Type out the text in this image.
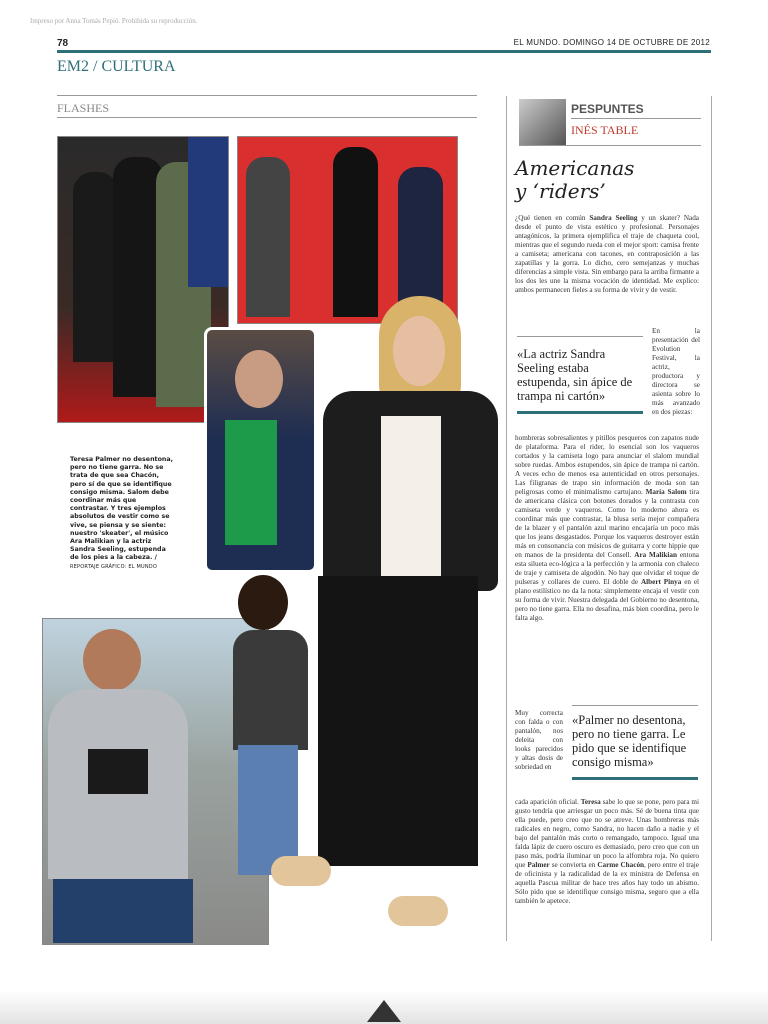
Impreso por Anna Tomás Pepió. Prohibida su reproducción.
78	EL MUNDO. DOMINGO 14 DE OCTUBRE DE 2012
EM2 / CULTURA
FLASHES
Teresa Palmer no desentona, pero no tiene garra. No se trata de que sea Chacón, pero sí de que se identifique consigo misma. Salom debe coordinar más que contrastar. Y tres ejemplos absolutos de vestir como se vive, se piensa y se siente: nuestro 'skeater', el músico Ara Malikian y la actriz Sandra Seeling, estupenda de los pies a la cabeza. / REPORTAJE GRÁFICO: EL MUNDO
PESPUNTES
INÉS TABLE
Americanas
y ‘riders’
¿Qué tienen en común Sandra Seeling y un skater? Nada desde el punto de vista estético y profesional. Personajes antagónicos, la primera ejemplifica el traje de chaqueta cool, mientras que el segundo rueda con el mejor sport: camisa frente a camiseta; americana con tacones, en contraposición a las zapatillas y la gorra. Lo dicho, cero semejanzas y muchas diferencias a simple vista. Sin embargo para la arriba firmante a los dos les une la misma vocación de identidad. Me explico: ambos permanecen fieles a su forma de vivir y de vestir.
«La actriz Sandra Seeling estaba estupenda, sin ápice de trampa ni cartón»
En la presentación del Evolution Festival, la actriz, productora y directora se asienta sobre lo más avanzado en dos piezas:
hombreras sobresalientes y pitillos pesqueros con zapatos nude de plataforma. Para el rider, lo esencial son los vaqueros cortados y la camiseta logo para anunciar el slalom mundial sobre ruedas. Ambos estupendos, sin ápice de trampa ni cartón. A veces echo de menos esa autenticidad en otros personajes. Las filigranas de trapo sin información de moda son tan peligrosas como el minimalismo cartujano. María Salom tira de americana clásica con botones dorados y la contrasta con camiseta verde y vaqueros. Como lo moderno ahora es coordinar más que contrastar, la blusa sería mejor compañera de la blazer y el pantalón azul marino encajaría un poco más que los jeans desgastados. Porque los vaqueros destroyer están más en consonancia con músicos de guitarra y corte hippie que en manos de la presidenta del Consell. Ara Malikian entona esta silueta eco-lógica a la perfección y la armonía con chaleco de traje y camiseta de algodón. No hay que olvidar el toque de pulseras y collares de cuero. El doble de Albert Pinya en el plano estilístico no da la nota: simplemente encaja el vestir con su forma de vivir. Nuestra delegada del Gobierno no desentona, pero no tiene garra. Ella no desafina, más bien coordina, pero le falta algo.
Muy correcta con falda o con pantalón, nos deleita con looks parecidos y altas dosis de sobriedad en
«Palmer no desentona, pero no tiene garra. Le pido que se identifique consigo misma»
cada aparición oficial. Teresa sabe lo que se pone, pero para mi gusto tendría que arriesgar un poco más. Sé de buena tinta que ella puede, pero creo que no se atreve. Unas hombreras más radicales en negro, como Sandra, no hacen daño a nadie y el bajo del pantalón más corto o remangado, tampoco. Igual una falda lápiz de cuero oscuro es demasiado, pero creo que con un paso más, podría iluminar un poco la alfombra roja. No quiero que Palmer se convierta en Carme Chacón, pero entre el traje de oficinista y la radicalidad de la ex ministra de Defensa en aquella Pascua militar de hace tres años hay todo un abismo. Sólo pido que se identifique consigo misma, seguro que a ella también le apetece.
